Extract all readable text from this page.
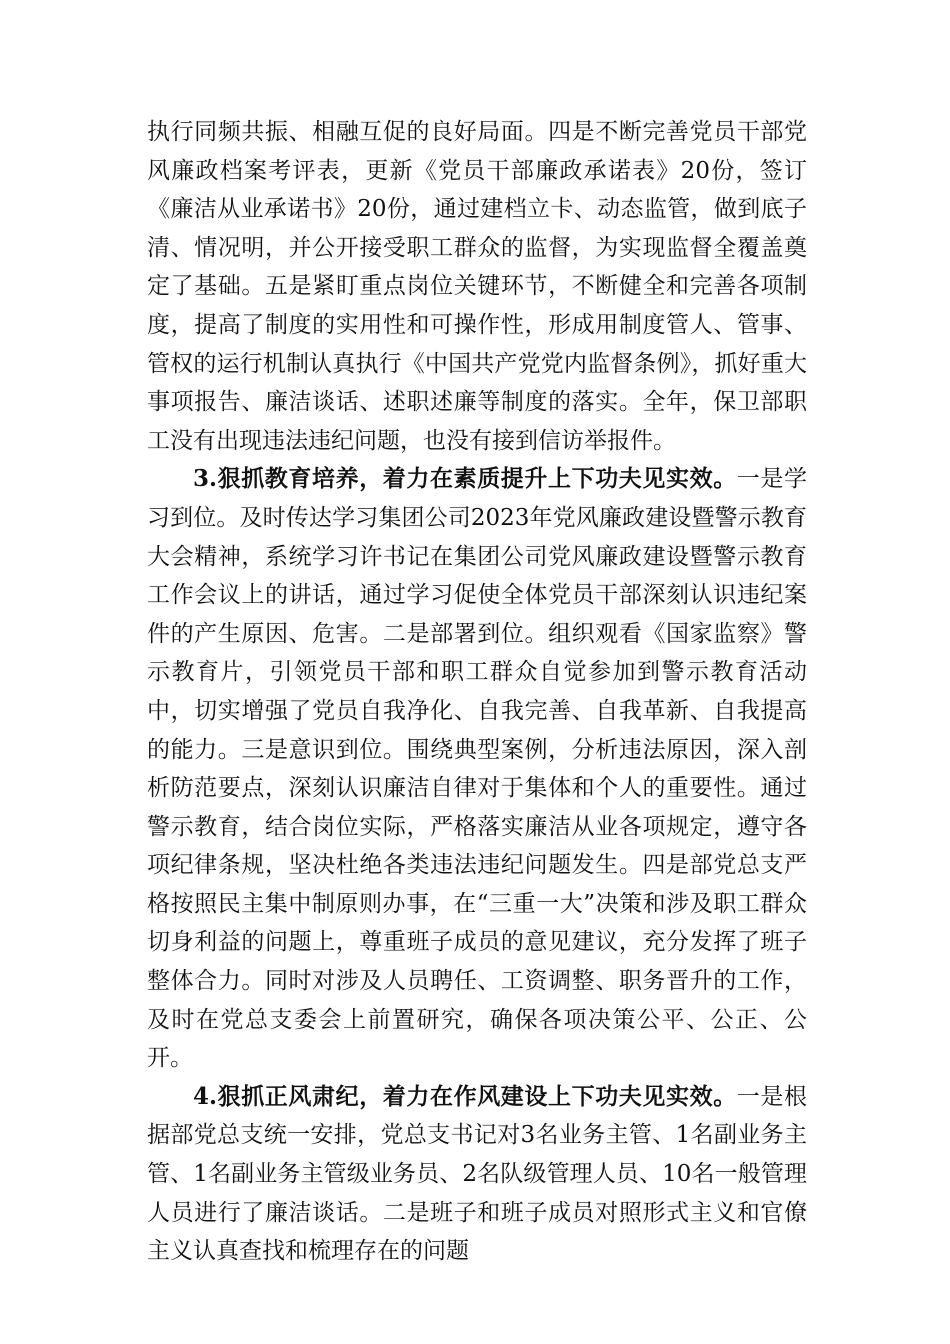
执行同频共振、相融互促的良好局面。四是不断完善党员干部党风廉政档案考评表，更新《党员干部廉政承诺表》20份，签订《廉洁从业承诺书》20份，通过建档立卡、动态监管，做到底子清、情况明，并公开接受职工群众的监督，为实现监督全覆盖奠定了基础。五是紧盯重点岗位关键环节，不断健全和完善各项制度，提高了制度的实用性和可操作性，形成用制度管人、管事、管权的运行机制认真执行《中国共产党党内监督条例》，抓好重大事项报告、廉洁谈话、述职述廉等制度的落实。全年，保卫部职工没有出现违法违纪问题，也没有接到信访举报件。

3.狠抓教育培养，着力在素质提升上下功夫见实效。一是学习到位。及时传达学习集团公司2023年党风廉政建设暨警示教育大会精神，系统学习许书记在集团公司党风廉政建设暨警示教育工作会议上的讲话，通过学习促使全体党员干部深刻认识违纪案件的产生原因、危害。二是部署到位。组织观看《国家监察》警示教育片，引领党员干部和职工群众自觉参加到警示教育活动中，切实增强了党员自我净化、自我完善、自我革新、自我提高的能力。三是意识到位。围绕典型案例，分析违法原因，深入剖析防范要点，深刻认识廉洁自律对于集体和个人的重要性。通过警示教育，结合岗位实际，严格落实廉洁从业各项规定，遵守各项纪律条规，坚决杜绝各类违法违纪问题发生。四是部党总支严格按照民主集中制原则办事，在“三重一大”决策和涉及职工群众切身利益的问题上，尊重班子成员的意见建议，充分发挥了班子整体合力。同时对涉及人员聘任、工资调整、职务晋升的工作，及时在党总支委会上前置研究，确保各项决策公平、公正、公开。

4.狠抓正风肃纪，着力在作风建设上下功夫见实效。一是根据部党总支统一安排，党总支书记对3名业务主管、1名副业务主管、1名副业务主管级业务员、2名队级管理人员、10名一般管理人员进行了廉洁谈话。二是班子和班子成员对照形式主义和官僚主义认真查找和梳理存在的问题
